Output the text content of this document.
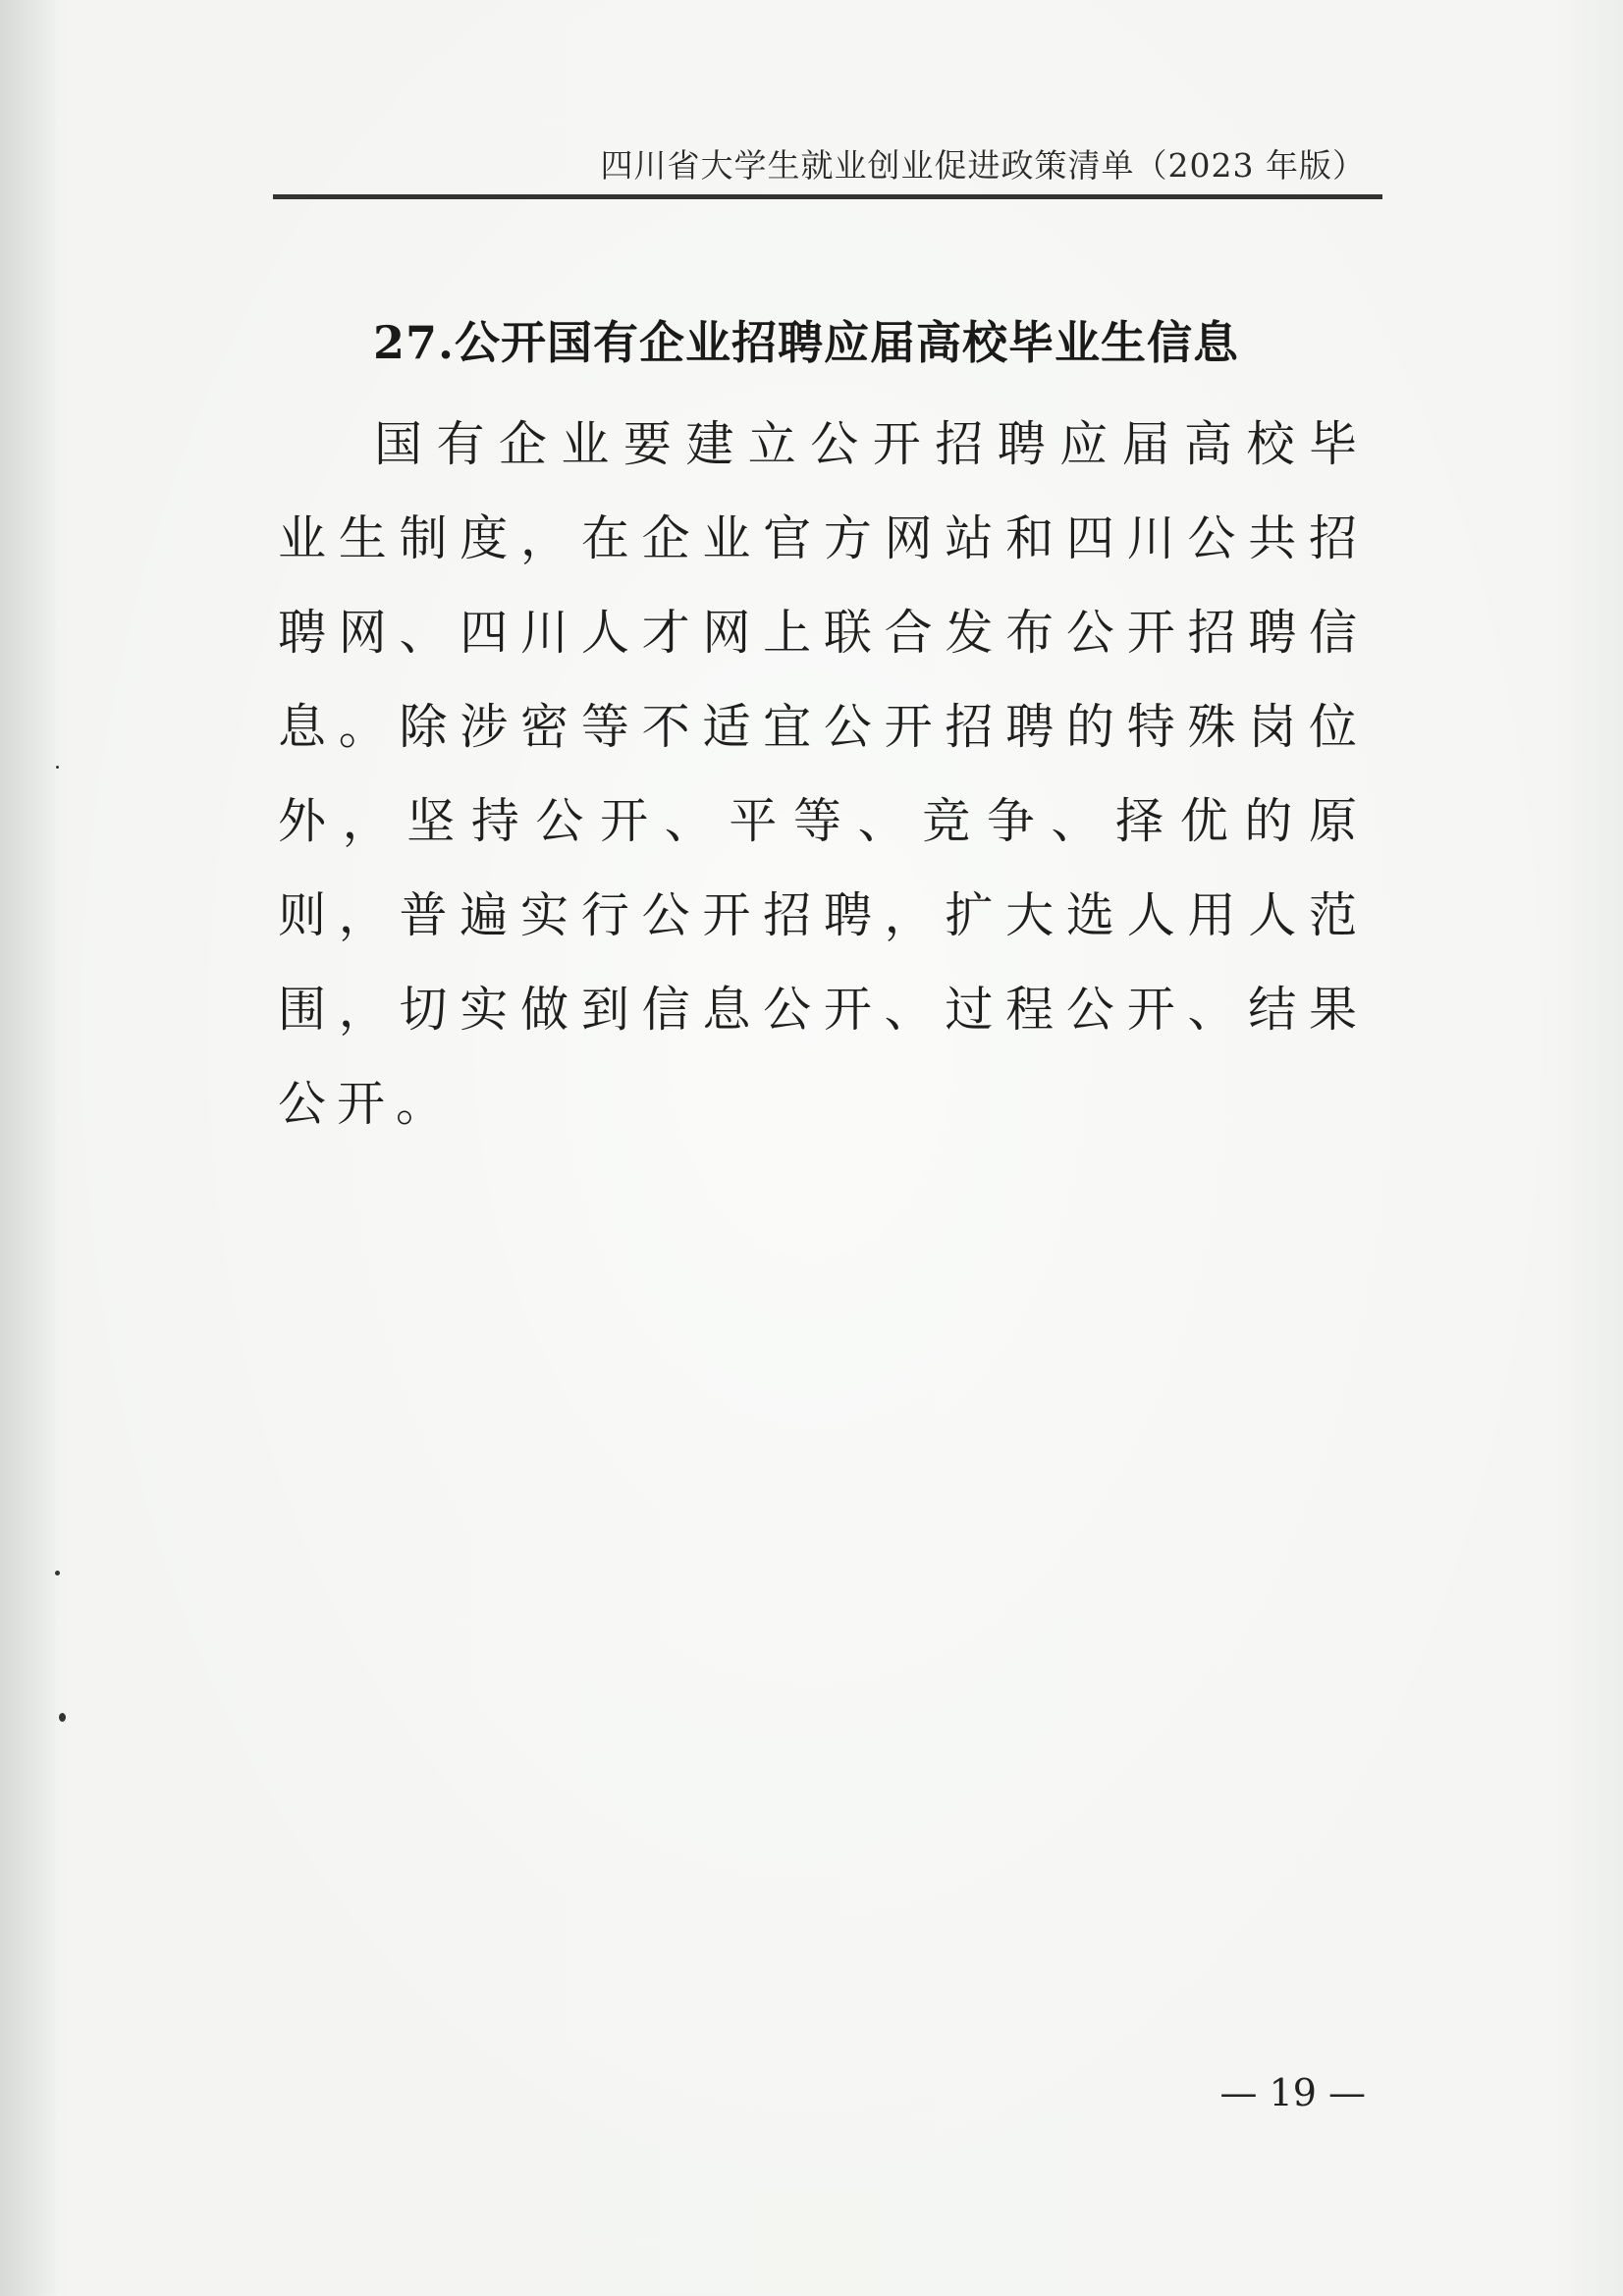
四川省大学生就业创业促进政策清单（2023 年版）
27.公开国有企业招聘应届高校毕业生信息

国有企业要建立公开招聘应届高校毕业生制度，在企业官方网站和四川公共招聘网、四川人才网上联合发布公开招聘信息。除涉密等不适宜公开招聘的特殊岗位外，坚持公开、平等、竞争、择优的原则，普遍实行公开招聘，扩大选人用人范围，切实做到信息公开、过程公开、结果公开。

— 19 —
